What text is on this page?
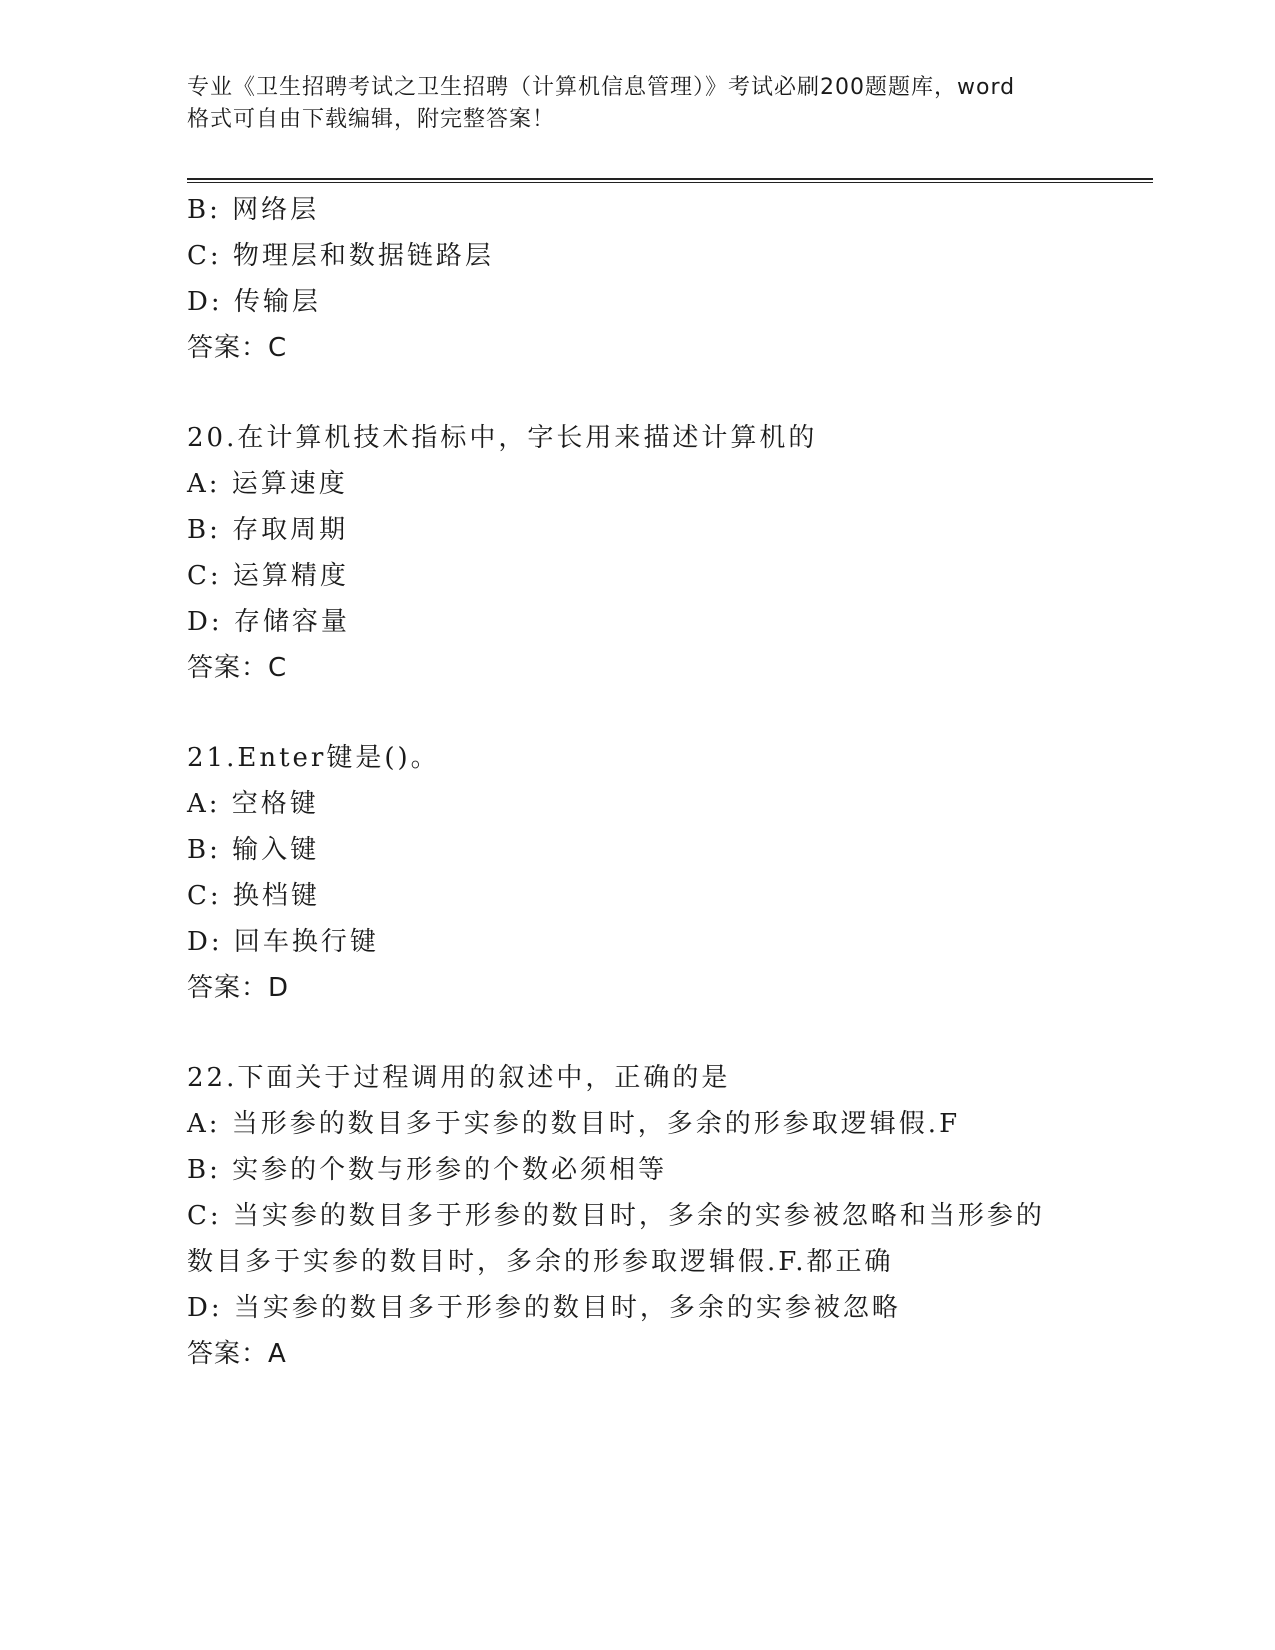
专业《卫生招聘考试之卫生招聘（计算机信息管理）》考试必刷200题题库，word
格式可自由下载编辑，附完整答案！
B: 网络层
C: 物理层和数据链路层
D: 传输层
答案：C
20.在计算机技术指标中，字长用来描述计算机的
A: 运算速度
B: 存取周期
C: 运算精度
D: 存储容量
答案：C
21.Enter键是()。
A: 空格键
B: 输入键
C: 换档键
D: 回车换行键
答案：D
22.下面关于过程调用的叙述中，正确的是
A: 当形参的数目多于实参的数目时，多余的形参取逻辑假.F
B: 实参的个数与形参的个数必须相等
C: 当实参的数目多于形参的数目时，多余的实参被忽略和当形参的数目多于实参的数目时，多余的形参取逻辑假.F.都正确
D: 当实参的数目多于形参的数目时，多余的实参被忽略
答案：A
